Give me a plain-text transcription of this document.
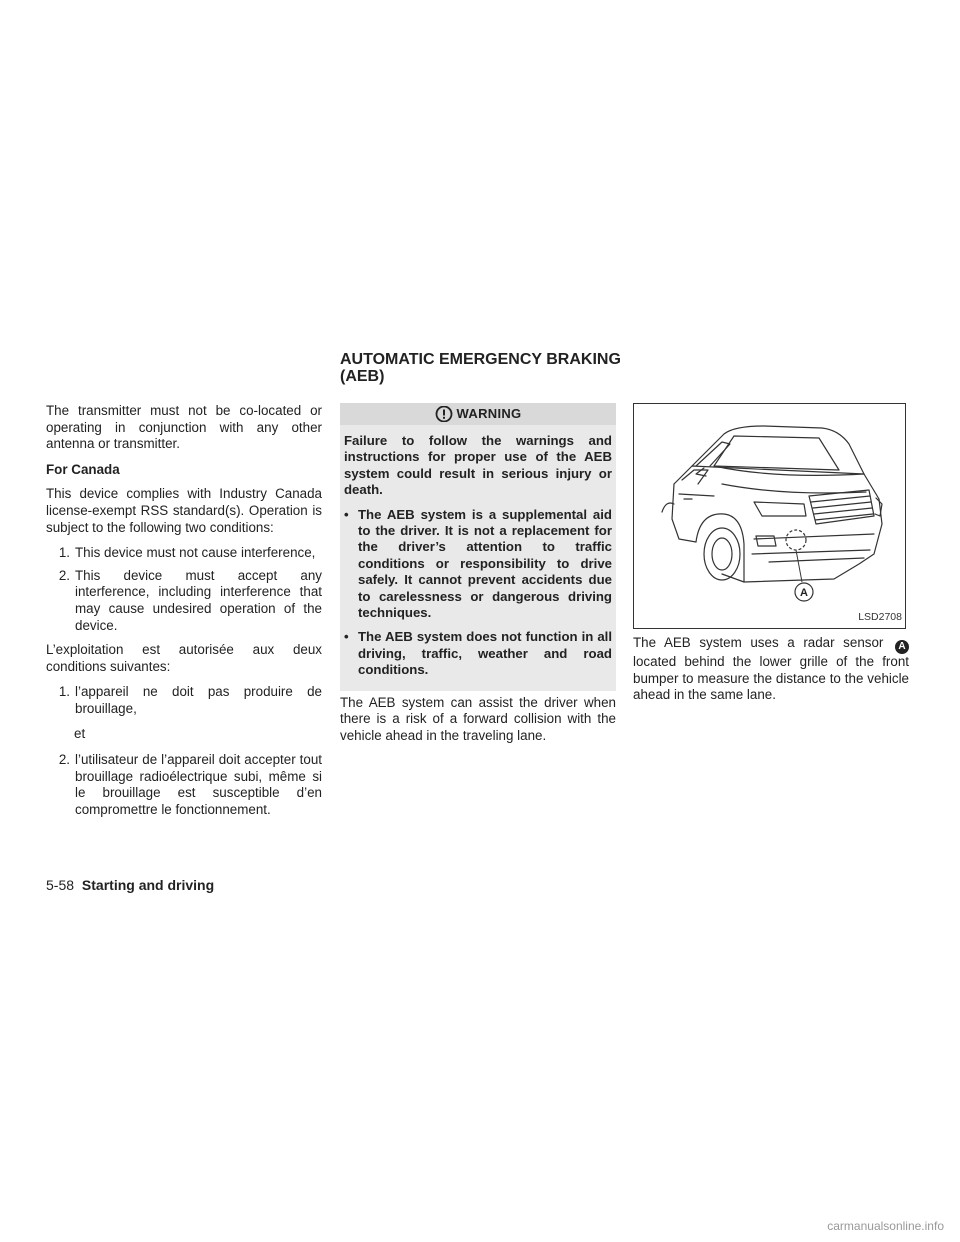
AUTOMATIC EMERGENCY BRAKING (AEB)

The transmitter must not be co-located or operating in conjunction with any other antenna or transmitter.

For Canada

This device complies with Industry Canada license-exempt RSS standard(s). Operation is subject to the following two conditions:

1. This device must not cause interference,
2. This device must accept any interference, including interference that may cause undesired operation of the device.

L’exploitation est autorisée aux deux conditions suivantes:

1. l’appareil ne doit pas produire de brouillage,
et
2. l’utilisateur de l’appareil doit accepter tout brouillage radioélectrique subi, même si le brouillage est susceptible d’en compromettre le fonctionnement.
WARNING

Failure to follow the warnings and instructions for proper use of the AEB system could result in serious injury or death.

• The AEB system is a supplemental aid to the driver. It is not a replacement for the driver’s attention to traffic conditions or responsibility to drive safely. It cannot prevent accidents due to carelessness or dangerous driving techniques.
• The AEB system does not function in all driving, traffic, weather and road conditions.

The AEB system can assist the driver when there is a risk of a forward collision with the vehicle ahead in the traveling lane.

A
LSD2708

The AEB system uses a radar sensor A located behind the lower grille of the front bumper to measure the distance to the vehicle ahead in the same lane.

5-58 Starting and driving
carmanualsonline.info
